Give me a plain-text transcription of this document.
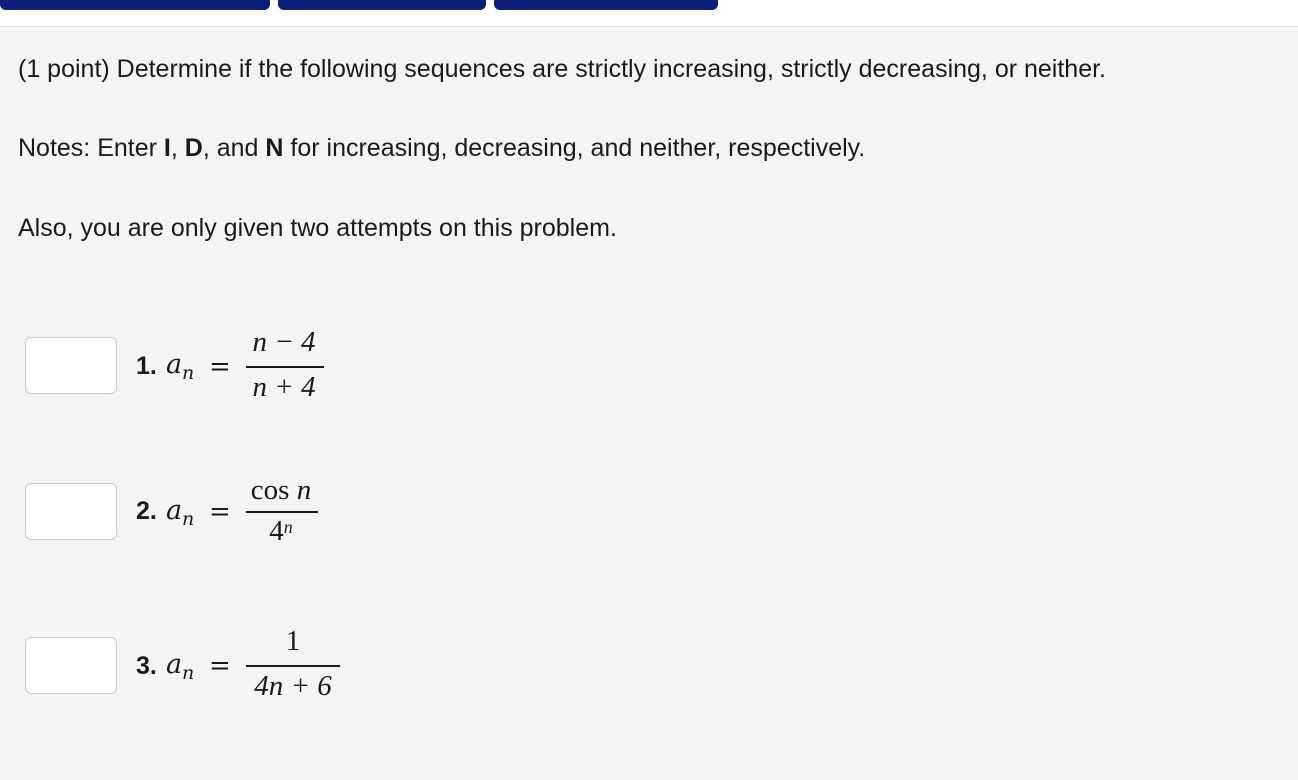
(1 point) Determine if the following sequences are strictly increasing, strictly decreasing, or neither.
Notes: Enter I, D, and N for increasing, decreasing, and neither, respectively.
Also, you are only given two attempts on this problem.
1. a n =
n − 4
n + 4
2. a n =
cos n
4$^n$
3. a n =
1
4n + 6
